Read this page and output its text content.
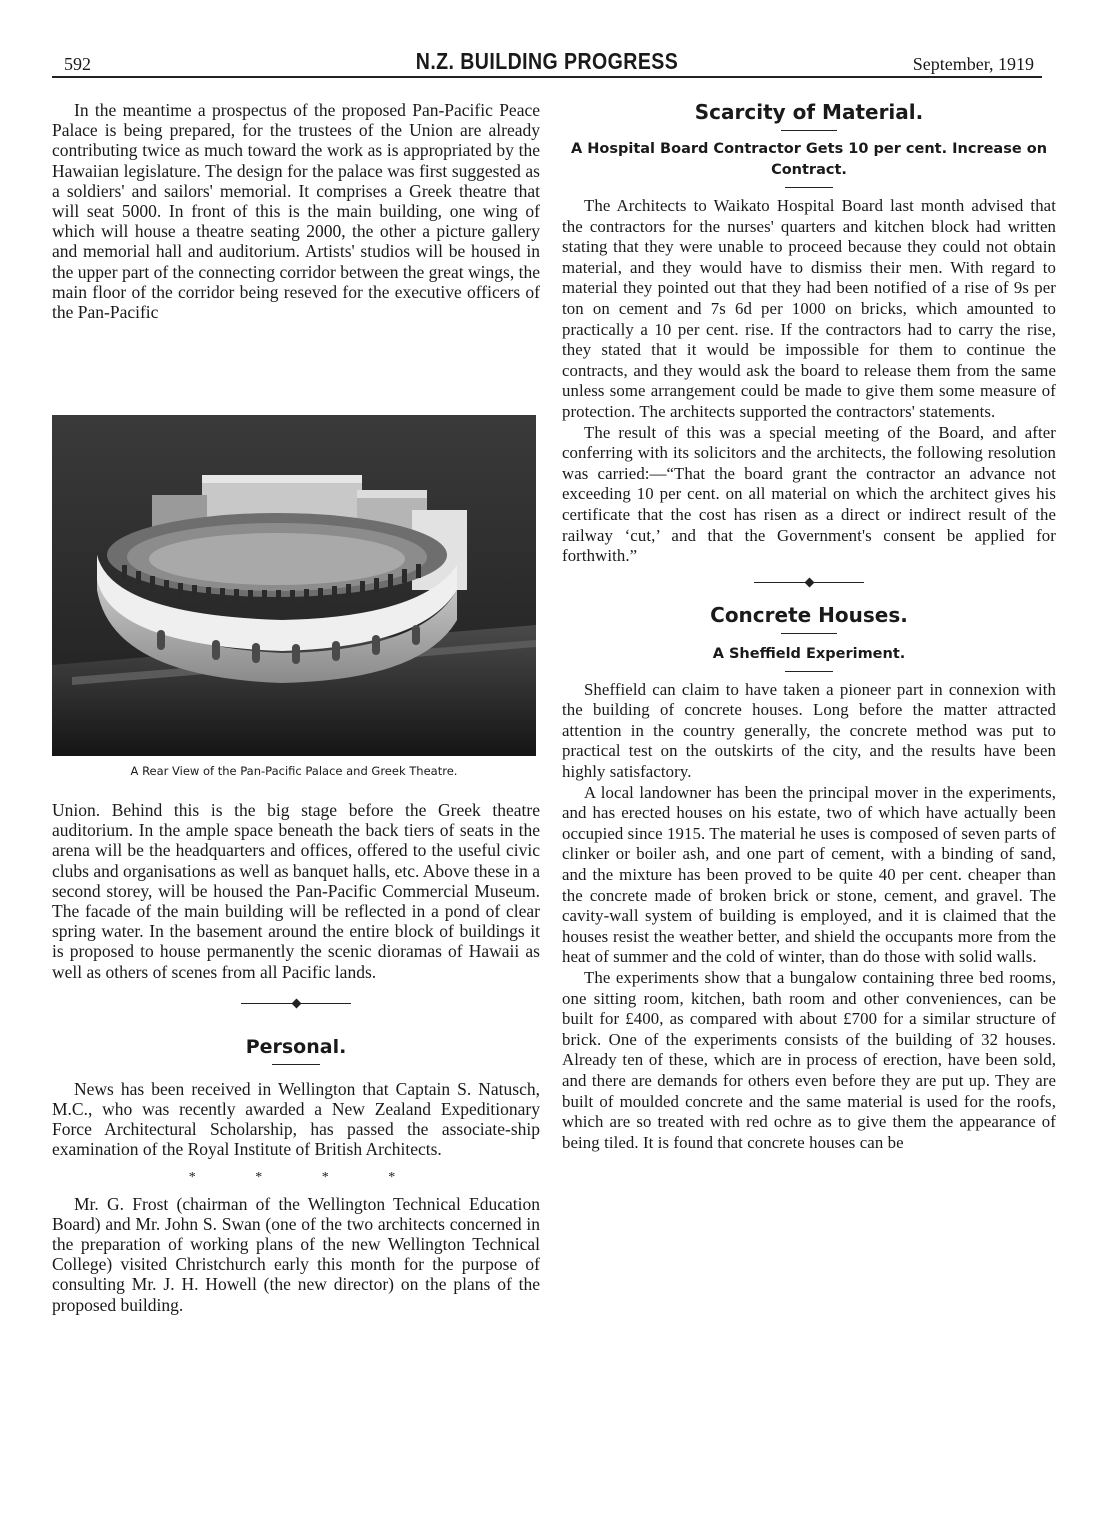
592	N.Z. BUILDING PROGRESS	September, 1919

In the meantime a prospectus of the proposed Pan-Pacific Peace Palace is being prepared, for the trustees of the Union are already contributing twice as much toward the work as is appropriated by the Hawaiian legislature. The design for the palace was first suggested as a soldiers' and sailors' memorial. It comprises a Greek theatre that will seat 5000. In front of this is the main building, one wing of which will house a theatre seating 2000, the other a picture gallery and memorial hall and auditorium. Artists' studios will be housed in the upper part of the connecting corridor between the great wings, the main floor of the corridor being reseved for the executive officers of the Pan-Pacific

A Rear View of the Pan-Pacific Palace and Greek Theatre.

Union. Behind this is the big stage before the Greek theatre auditorium. In the ample space beneath the back tiers of seats in the arena will be the headquarters and offices, offered to the useful civic clubs and organisations as well as banquet halls, etc. Above these in a second storey, will be housed the Pan-Pacific Commercial Museum. The facade of the main building will be reflected in a pond of clear spring water. In the basement around the entire block of buildings it is proposed to house permanently the scenic dioramas of Hawaii as well as others of scenes from all Pacific lands.

Personal.

News has been received in Wellington that Captain S. Natusch, M.C., who was recently awarded a New Zealand Expeditionary Force Architectural Scholarship, has passed the associate-ship examination of the Royal Institute of British Architects.

* * * *

Mr. G. Frost (chairman of the Wellington Technical Education Board) and Mr. John S. Swan (one of the two architects concerned in the preparation of working plans of the new Wellington Technical College) visited Christchurch early this month for the purpose of consulting Mr. J. H. Howell (the new director) on the plans of the proposed building.

Scarcity of Material.
A Hospital Board Contractor Gets 10 per cent. Increase on Contract.

The Architects to Waikato Hospital Board last month advised that the contractors for the nurses' quarters and kitchen block had written stating that they were unable to proceed because they could not obtain material, and they would have to dismiss their men. With regard to material they pointed out that they had been notified of a rise of 9s per ton on cement and 7s 6d per 1000 on bricks, which amounted to practically a 10 per cent. rise. If the contractors had to carry the rise, they stated that it would be impossible for them to continue the contracts, and they would ask the board to release them from the same unless some arrangement could be made to give them some measure of protection. The architects supported the contractors' statements.

The result of this was a special meeting of the Board, and after conferring with its solicitors and the architects, the following resolution was carried:—“That the board grant the contractor an advance not exceeding 10 per cent. on all material on which the architect gives his certificate that the cost has risen as a direct or indirect result of the railway ‘cut,’ and that the Government's consent be applied for forthwith.”

Concrete Houses.
A Sheffield Experiment.

Sheffield can claim to have taken a pioneer part in connexion with the building of concrete houses. Long before the matter attracted attention in the country generally, the concrete method was put to practical test on the outskirts of the city, and the results have been highly satisfactory.

A local landowner has been the principal mover in the experiments, and has erected houses on his estate, two of which have actually been occupied since 1915. The material he uses is composed of seven parts of clinker or boiler ash, and one part of cement, with a binding of sand, and the mixture has been proved to be quite 40 per cent. cheaper than the concrete made of broken brick or stone, cement, and gravel. The cavity-wall system of building is employed, and it is claimed that the houses resist the weather better, and shield the occupants more from the heat of summer and the cold of winter, than do those with solid walls.

The experiments show that a bungalow containing three bed rooms, one sitting room, kitchen, bath room and other conveniences, can be built for £400, as compared with about £700 for a similar structure of brick. One of the experiments consists of the building of 32 houses. Already ten of these, which are in process of erection, have been sold, and there are demands for others even before they are put up. They are built of moulded concrete and the same material is used for the roofs, which are so treated with red ochre as to give them the appearance of being tiled. It is found that concrete houses can be
